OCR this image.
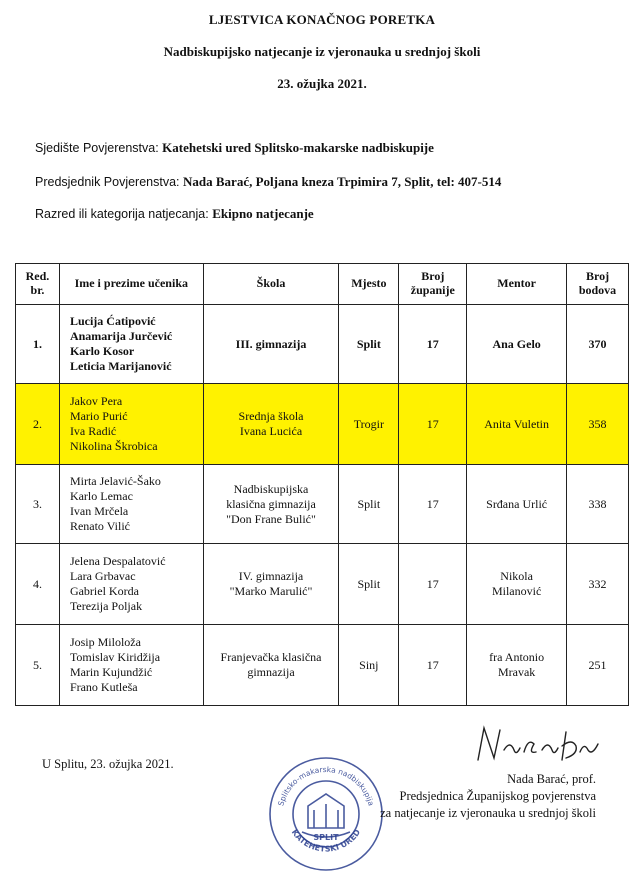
LJESTVICA KONAČNOG PORETKA
Nadbiskupijsko natjecanje iz vjeronauka u srednjoj školi
23. ožujka 2021.
Sjedište Povjerenstva: Katehetski ured Splitsko-makarske nadbiskupije
Predsjednik Povjerenstva: Nada Barać, Poljana kneza Trpimira 7, Split, tel: 407-514
Razred ili kategorija natjecanja: Ekipno natjecanje
Red.
br.	Ime i prezime učenika	Škola	Mjesto	Broj
županije	Mentor	Broj
bodova

1.	Lucija Ćatipović
Anamarija Jurčević
Karlo Kosor
Leticia Marijanović	III. gimnazija	Split	17	Ana Gelo	370
2.	Jakov Pera
Mario Purić
Iva Radić
Nikolina Škrobica	Srednja škola
Ivana Lucića	Trogir	17	Anita Vuletin	358
3.	Mirta Jelavić-Šako
Karlo Lemac
Ivan Mrčela
Renato Vilić	Nadbiskupijska
klasična gimnazija
"Don Frane Bulić"	Split	17	Srđana Urlić	338
4.	Jelena Despalatović
Lara Grbavac
Gabriel Korda
Terezija Poljak	IV. gimnazija
"Marko Marulić"	Split	17	Nikola
Milanović	332
5.	Josip Miloloža
Tomislav Kiridžija
Marin Kujundžić
Frano Kutleša	Franjevačka klasična
gimnazija	Sinj	17	fra Antonio
Mravak	251
U Splitu, 23. ožujka 2021.
Splitsko-makarska nadbiskupija
KATEHETSKI URED
SPLIT
Nada Barać, prof.
Predsjednica Županijskog povjerenstva
za natjecanje iz vjeronauka u srednjoj školi
